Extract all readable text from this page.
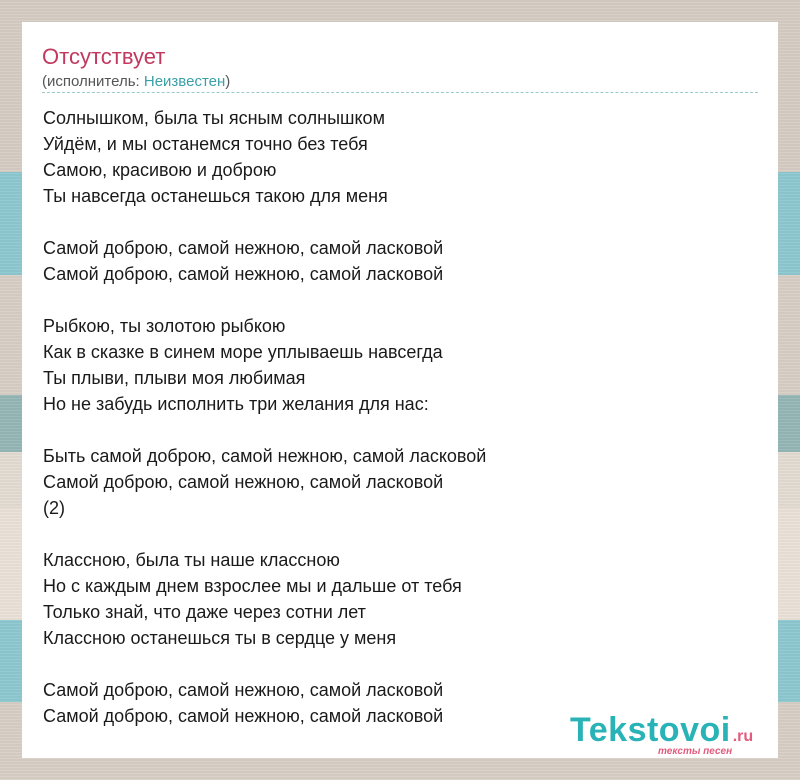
Отсутствует
(исполнитель: Неизвестен)
Солнышком, была ты ясным солнышком
Уйдём, и мы останемся точно без тебя
Самою, красивою и доброю
Ты навсегда останешься такою для меня
Самой доброю, самой нежною, самой ласковой
Самой доброю, самой нежною, самой ласковой
Рыбкою, ты золотою рыбкою
Как в сказке в синем море уплываешь навсегда
Ты плыви, плыви моя любимая
Но не забудь исполнить три желания для нас:
Быть самой доброю, самой нежною, самой ласковой
Самой доброю, самой нежною, самой ласковой
(2)
Классною, была ты наше классною
Но с каждым днем взрослее мы и дальше от тебя
Только знай, что даже через сотни лет
Классною останешься ты в сердце у меня
Самой доброю, самой нежною, самой ласковой
Самой доброю, самой нежною, самой ласковой	Tekstovoi .ru
тексты песен
